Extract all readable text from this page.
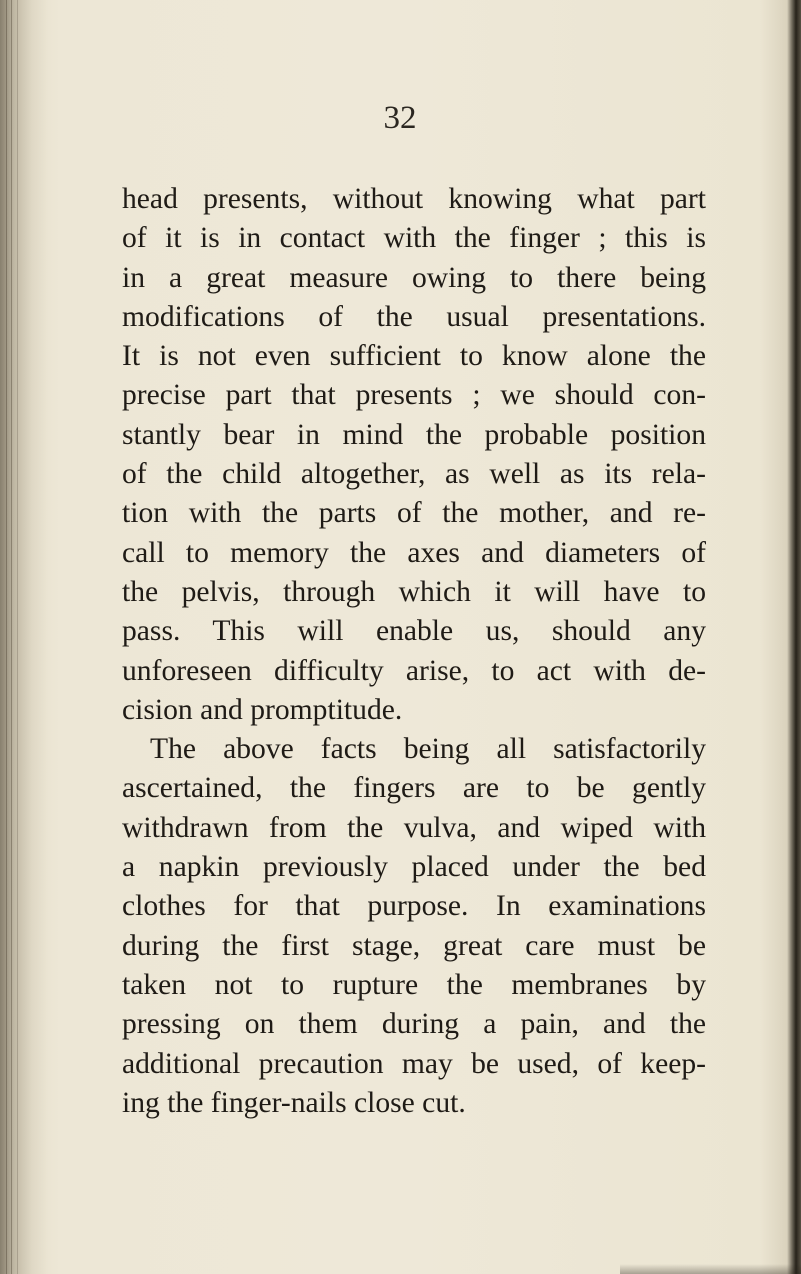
32
head presents, without knowing what part
of it is in contact with the finger ; this is
in a great measure owing to there being
modifications of the usual presentations.
It is not even sufficient to know alone the
precise part that presents ; we should con-
stantly bear in mind the probable position
of the child altogether, as well as its rela-
tion with the parts of the mother, and re-
call to memory the axes and diameters of
the pelvis, through which it will have to
pass. This will enable us, should any
unforeseen difficulty arise, to act with de-
cision and promptitude.
The above facts being all satisfactorily
ascertained, the fingers are to be gently
withdrawn from the vulva, and wiped with
a napkin previously placed under the bed
clothes for that purpose. In examinations
during the first stage, great care must be
taken not to rupture the membranes by
pressing on them during a pain, and the
additional precaution may be used, of keep-
ing the finger-nails close cut.
